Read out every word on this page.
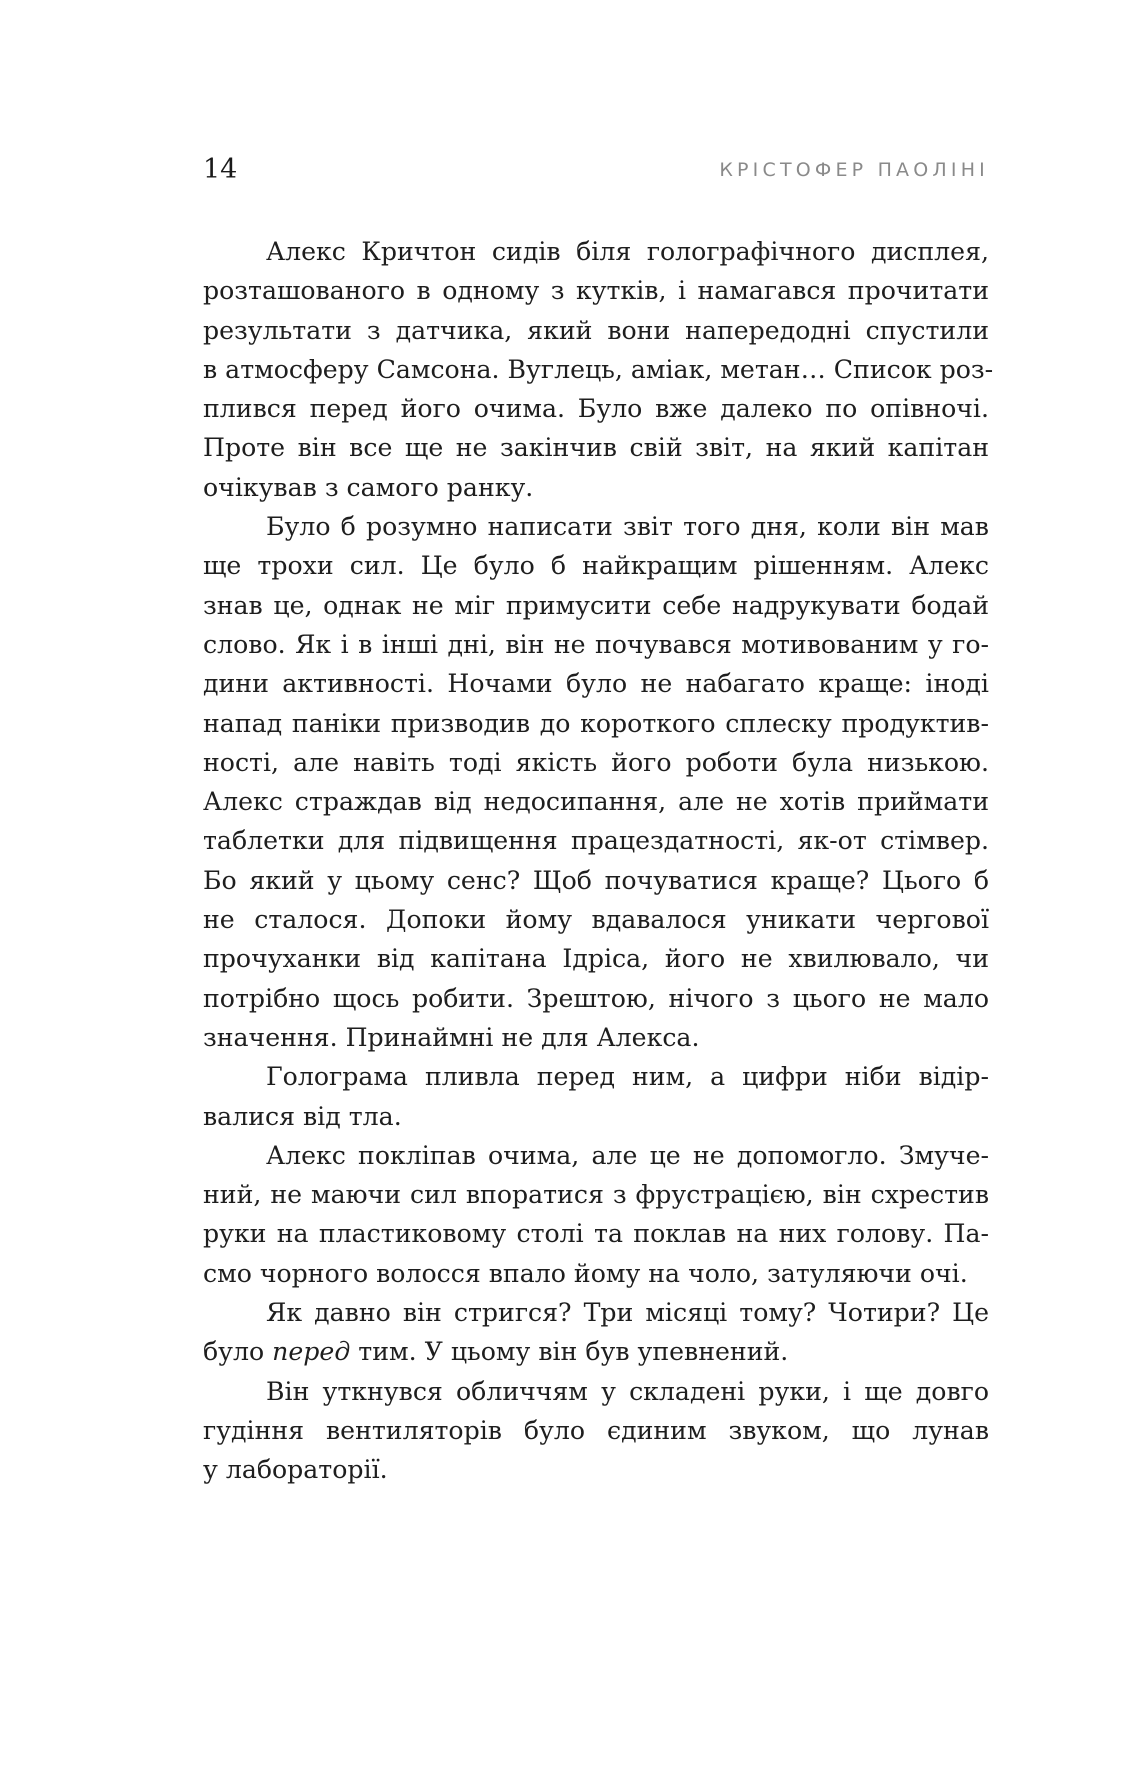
14	КРІСТОФЕР ПАОЛІНІ
Алекс Кричтон сидів біля голографічного дисплея,
розташованого в одному з кутків, і намагався прочитати
результати з датчика, який вони напередодні спустили
в атмосферу Самсона. Вуглець, аміак, метан… Список роз-
плився перед його очима. Було вже далеко по опівночі.
Проте він все ще не закінчив свій звіт, на який капітан
очікував з самого ранку.
Було б розумно написати звіт того дня, коли він мав
ще трохи сил. Це було б найкращим рішенням. Алекс
знав це, однак не міг примусити себе надрукувати бодай
слово. Як і в інші дні, він не почувався мотивованим у го-
дини активності. Ночами було не набагато краще: іноді
напад паніки призводив до короткого сплеску продуктив-
ності, але навіть тоді якість його роботи була низькою.
Алекс страждав від недосипання, але не хотів приймати
таблетки для підвищення працездатності, як-от стімвер.
Бо який у цьому сенс? Щоб почуватися краще? Цього б
не сталося. Допоки йому вдавалося уникати чергової
прочуханки від капітана Ідріса, його не хвилювало, чи
потрібно щось робити. Зрештою, нічого з цього не мало
значення. Принаймні не для Алекса.
Голограма пливла перед ним, а цифри ніби відір-
валися від тла.
Алекс покліпав очима, але це не допомогло. Змуче-
ний, не маючи сил впоратися з фрустрацією, він схрестив
руки на пластиковому столі та поклав на них голову. Па-
смо чорного волосся впало йому на чоло, затуляючи очі.
Як давно він стригся? Три місяці тому? Чотири? Це
було перед тим. У цьому він був упевнений.
Він уткнувся обличчям у складені руки, і ще довго
гудіння вентиляторів було єдиним звуком, що лунав
у лабораторії.
